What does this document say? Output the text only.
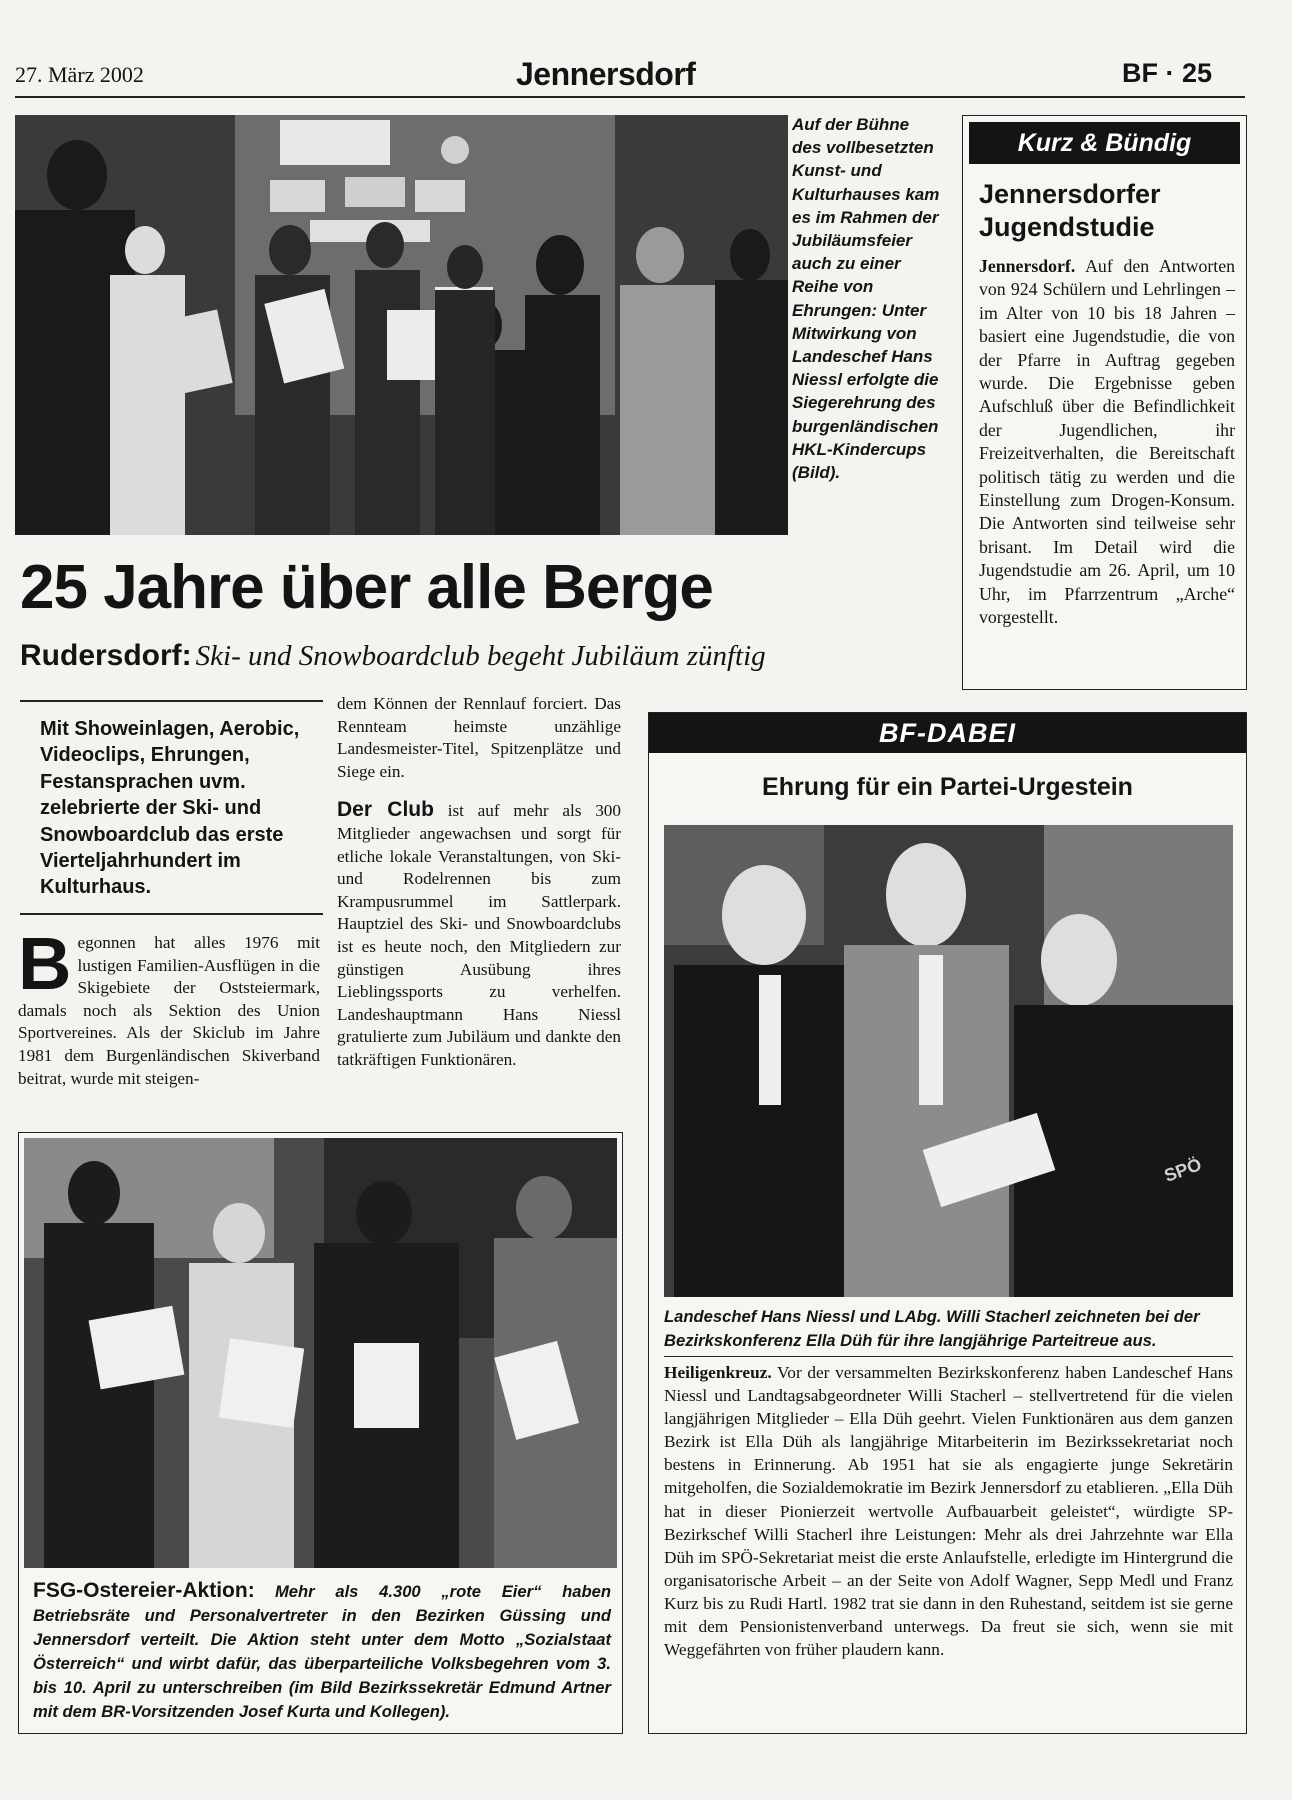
27. März 2002	Jennersdorf	BF · 25
Auf der Bühne des vollbesetzten Kunst- und Kulturhauses kam es im Rahmen der Jubiläumsfeier auch zu einer Reihe von Ehrungen: Unter Mitwirkung von Landeschef Hans Niessl erfolgte die Siegerehrung des burgenländischen HKL-Kindercups (Bild).
Kurz & Bündig
Jennersdorfer Jugendstudie

Jennersdorf. Auf den Antworten von 924 Schülern und Lehrlingen – im Alter von 10 bis 18 Jahren – basiert eine Jugendstudie, die von der Pfarre in Auftrag gegeben wurde. Die Ergebnisse geben Aufschluß über die Befindlichkeit der Jugendlichen, ihr Freizeitverhalten, die Bereitschaft politisch tätig zu werden und die Einstellung zum Drogen-Konsum. Die Antworten sind teilweise sehr brisant. Im Detail wird die Jugendstudie am 26. April, um 10 Uhr, im Pfarrzentrum „Arche“ vorgestellt.

25 Jahre über alle Berge
Rudersdorf: Ski- und Snowboardclub begeht Jubiläum zünftig
Mit Showeinlagen, Aerobic, Videoclips, Ehrungen, Festansprachen uvm. zelebrierte der Ski- und Snowboardclub das erste Vierteljahrhundert im Kulturhaus.
B egonnen hat alles 1976 mit lustigen Familien-Ausflügen in die Skigebiete der Oststeiermark, damals noch als Sektion des Union Sportvereines. Als der Skiclub im Jahre 1981 dem Burgenländischen Skiverband beitrat, wurde mit steigen-

dem Können der Rennlauf forciert. Das Rennteam heimste unzählige Landesmeister-Titel, Spitzenplätze und Siege ein.

Der Club ist auf mehr als 300 Mitglieder angewachsen und sorgt für etliche lokale Veranstaltungen, von Ski- und Rodelrennen bis zum Krampusrummel im Sattlerpark. Hauptziel des Ski- und Snowboardclubs ist es heute noch, den Mitgliedern zur günstigen Ausübung ihres Lieblingssports zu verhelfen. Landeshauptmann Hans Niessl gratulierte zum Jubiläum und dankte den tatkräftigen Funktionären.

FSG-Ostereier-Aktion: Mehr als 4.300 „rote Eier“ haben Betriebsräte und Personalvertreter in den Bezirken Güssing und Jennersdorf verteilt. Die Aktion steht unter dem Motto „Sozialstaat Österreich“ und wirbt dafür, das überparteiliche Volksbegehren vom 3. bis 10. April zu unterschreiben (im Bild Bezirkssekretär Edmund Artner mit dem BR-Vorsitzenden Josef Kurta und Kollegen).

BF-DABEI
Ehrung für ein Partei-Urgestein
SPÖ
Landeschef Hans Niessl und LAbg. Willi Stacherl zeichneten bei der Bezirkskonferenz Ella Düh für ihre langjährige Parteitreue aus.

Heiligenkreuz. Vor der versammelten Bezirkskonferenz haben Landeschef Hans Niessl und Landtagsabgeordneter Willi Stacherl – stellvertretend für die vielen langjährigen Mitglieder – Ella Düh geehrt. Vielen Funktionären aus dem ganzen Bezirk ist Ella Düh als langjährige Mitarbeiterin im Bezirkssekretariat noch bestens in Erinnerung. Ab 1951 hat sie als engagierte junge Sekretärin mitgeholfen, die Sozialdemokratie im Bezirk Jennersdorf zu etablieren. „Ella Düh hat in dieser Pionierzeit wertvolle Aufbauarbeit geleistet“, würdigte SP-Bezirkschef Willi Stacherl ihre Leistungen: Mehr als drei Jahrzehnte war Ella Düh im SPÖ-Sekretariat meist die erste Anlaufstelle, erledigte im Hintergrund die organisatorische Arbeit – an der Seite von Adolf Wagner, Sepp Medl und Franz Kurz bis zu Rudi Hartl. 1982 trat sie dann in den Ruhestand, seitdem ist sie gerne mit dem Pensionistenverband unterwegs. Da freut sie sich, wenn sie mit Weggefährten von früher plaudern kann.
